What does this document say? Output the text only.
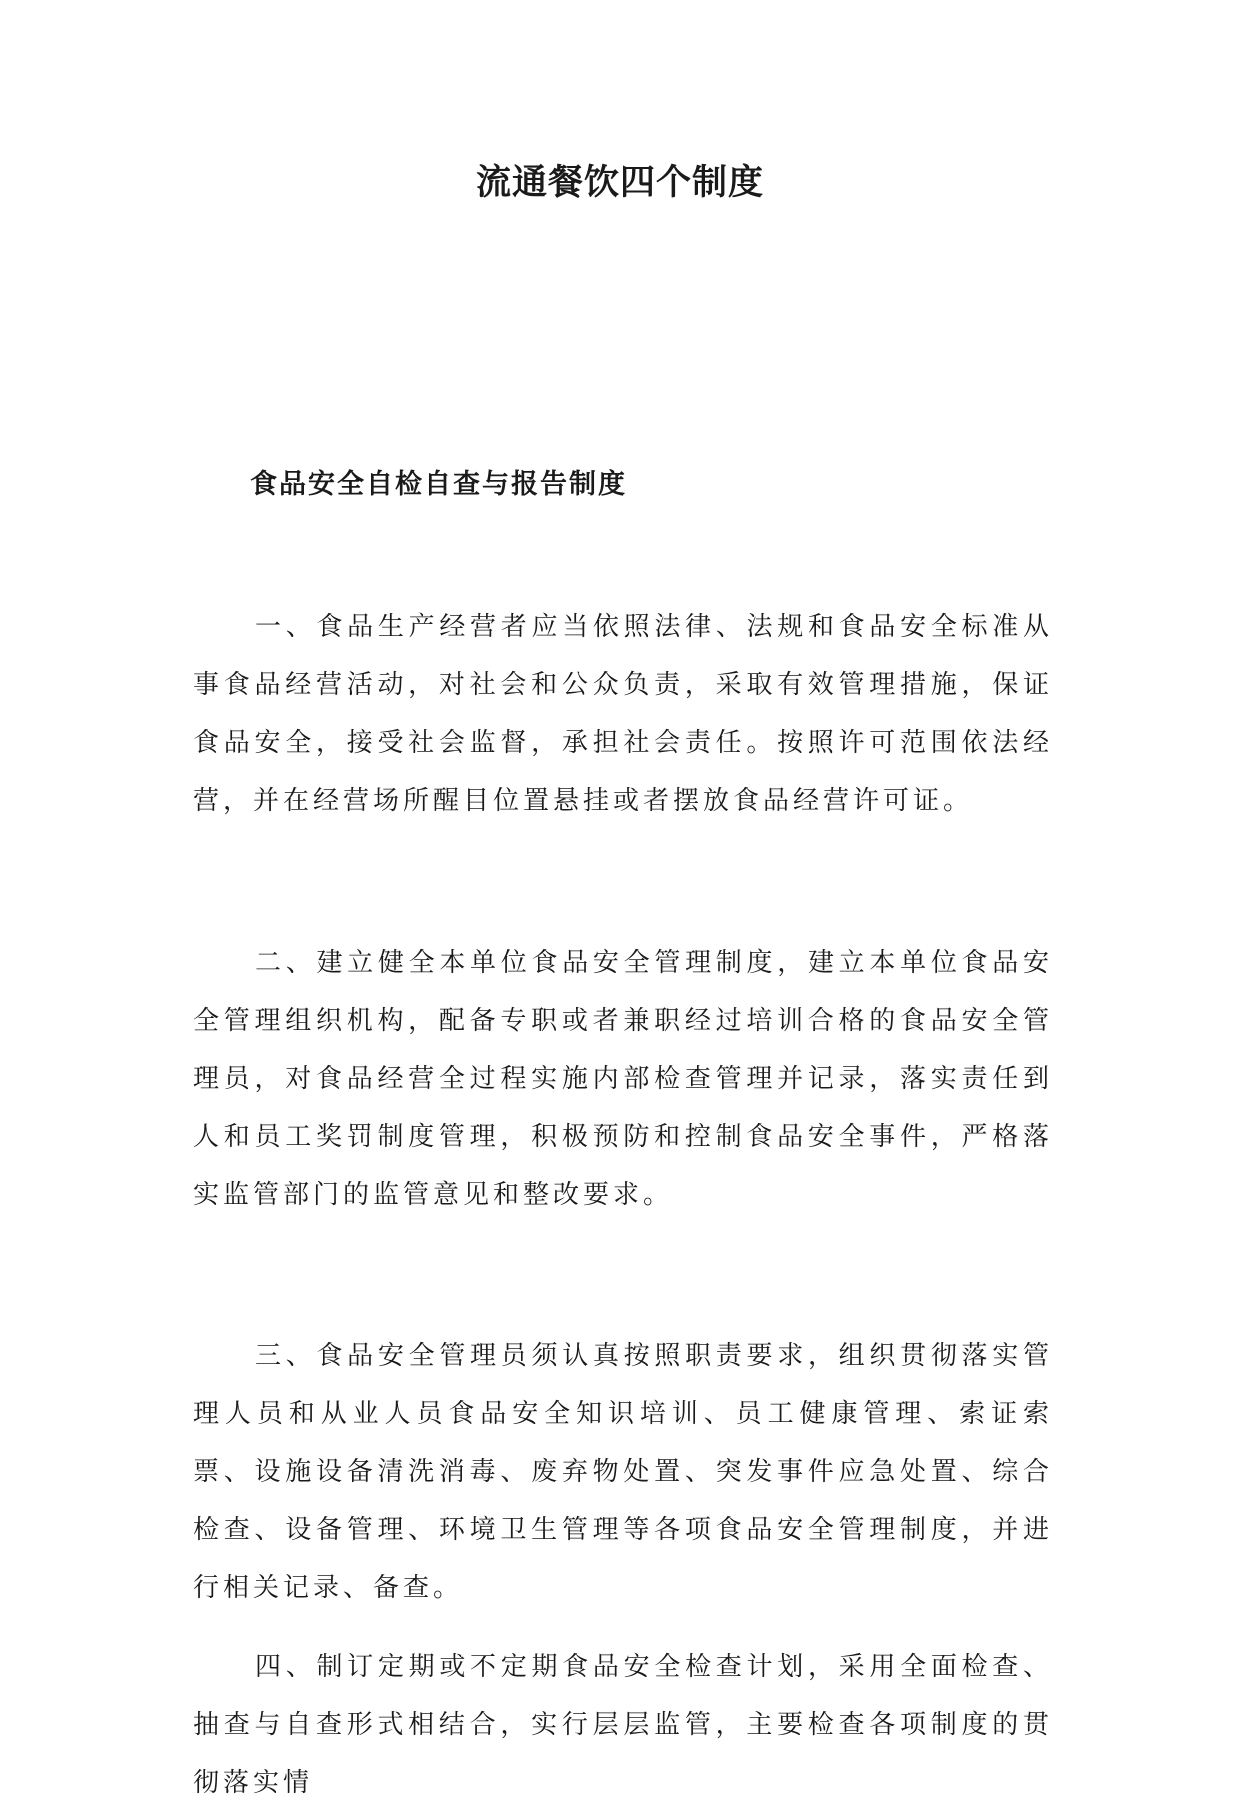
流通餐饮四个制度
食品安全自检自查与报告制度

一、食品生产经营者应当依照法律、法规和食品安全标准从事食品经营活动，对社会和公众负责，采取有效管理措施，保证食品安全，接受社会监督，承担社会责任。按照许可范围依法经营，并在经营场所醒目位置悬挂或者摆放食品经营许可证。

二、建立健全本单位食品安全管理制度，建立本单位食品安全管理组织机构，配备专职或者兼职经过培训合格的食品安全管理员，对食品经营全过程实施内部检查管理并记录，落实责任到人和员工奖罚制度管理，积极预防和控制食品安全事件，严格落实监管部门的监管意见和整改要求。

三、食品安全管理员须认真按照职责要求，组织贯彻落实管理人员和从业人员食品安全知识培训、员工健康管理、索证索票、设施设备清洗消毒、废弃物处置、突发事件应急处置、综合检查、设备管理、环境卫生管理等各项食品安全管理制度，并进行相关记录、备查。

四、制订定期或不定期食品安全检查计划，采用全面检查、抽查与自查形式相结合，实行层层监管，主要检查各项制度的贯彻落实情
